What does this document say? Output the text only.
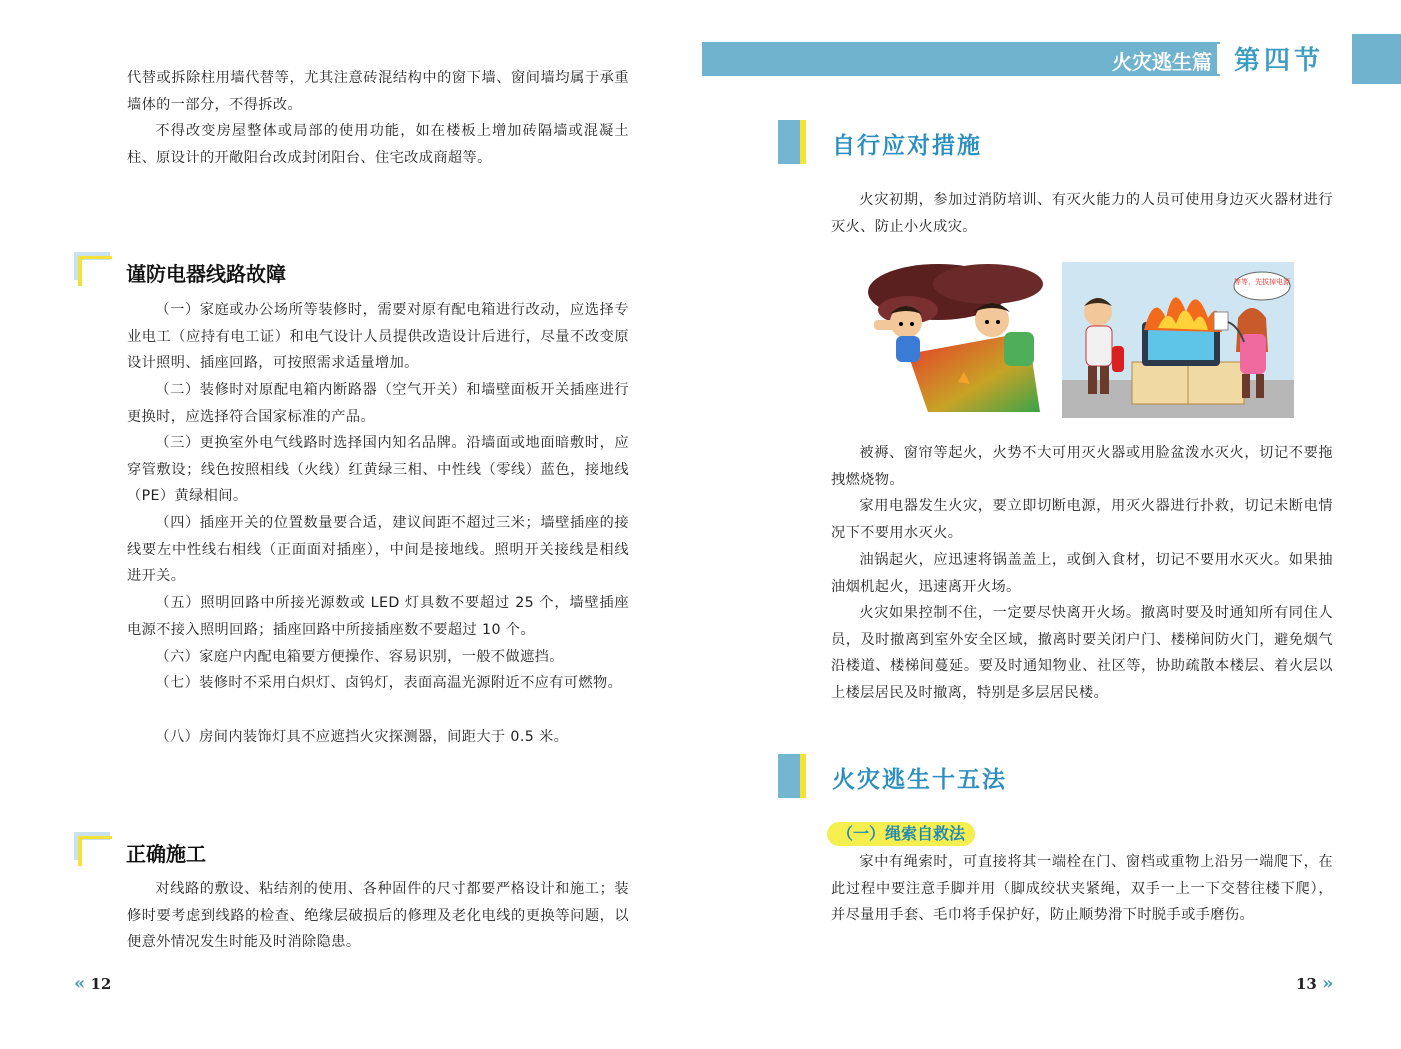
代替或拆除柱用墙代替等，尤其注意砖混结构中的窗下墙、窗间墙均属于承重墙体的一部分，不得拆改。

不得改变房屋整体或局部的使用功能，如在楼板上增加砖隔墙或混凝土柱、原设计的开敞阳台改成封闭阳台、住宅改成商超等。

谨防电器线路故障

（一）家庭或办公场所等装修时，需要对原有配电箱进行改动，应选择专业电工（应持有电工证）和电气设计人员提供改造设计后进行，尽量不改变原设计照明、插座回路，可按照需求适量增加。

（二）装修时对原配电箱内断路器（空气开关）和墙壁面板开关插座进行更换时，应选择符合国家标准的产品。

（三）更换室外电气线路时选择国内知名品牌。沿墙面或地面暗敷时，应穿管敷设；线色按照相线（火线）红黄绿三相、中性线（零线）蓝色，接地线（PE）黄绿相间。

（四）插座开关的位置数量要合适，建议间距不超过三米；墙壁插座的接线要左中性线右相线（正面面对插座），中间是接地线。照明开关接线是相线进开关。

（五）照明回路中所接光源数或 LED 灯具数不要超过 25 个，墙壁插座电源不接入照明回路；插座回路中所接插座数不要超过 10 个。

（六）家庭户内配电箱要方便操作、容易识别，一般不做遮挡。

（七）装修时不采用白炽灯、卤钨灯，表面高温光源附近不应有可燃物。

（八）房间内装饰灯具不应遮挡火灾探测器，间距大于 0.5 米。

正确施工

对线路的敷设、粘结剂的使用、各种固件的尺寸都要严格设计和施工；装修时要考虑到线路的检查、绝缘层破损后的修理及老化电线的更换等问题，以便意外情况发生时能及时消除隐患。

« 12
火灾逃生篇 第四节
自行应对措施

火灾初期，参加过消防培训、有灭火能力的人员可使用身边灭火器材进行灭火、防止小火成灾。

等等，先拔掉电源

被褥、窗帘等起火，火势不大可用灭火器或用脸盆泼水灭火，切记不要拖拽燃烧物。

家用电器发生火灾，要立即切断电源，用灭火器进行扑救，切记未断电情况下不要用水灭火。

油锅起火，应迅速将锅盖盖上，或倒入食材，切记不要用水灭火。如果抽油烟机起火，迅速离开火场。

火灾如果控制不住，一定要尽快离开火场。撤离时要及时通知所有同住人员，及时撤离到室外安全区域，撤离时要关闭户门、楼梯间防火门，避免烟气沿楼道、楼梯间蔓延。要及时通知物业、社区等，协助疏散本楼层、着火层以上楼层居民及时撤离，特别是多层居民楼。

火灾逃生十五法
（一）绳索自救法

家中有绳索时，可直接将其一端栓在门、窗档或重物上沿另一端爬下，在此过程中要注意手脚并用（脚成绞状夹紧绳，双手一上一下交替往楼下爬），并尽量用手套、毛巾将手保护好，防止顺势滑下时脱手或手磨伤。

13 »
